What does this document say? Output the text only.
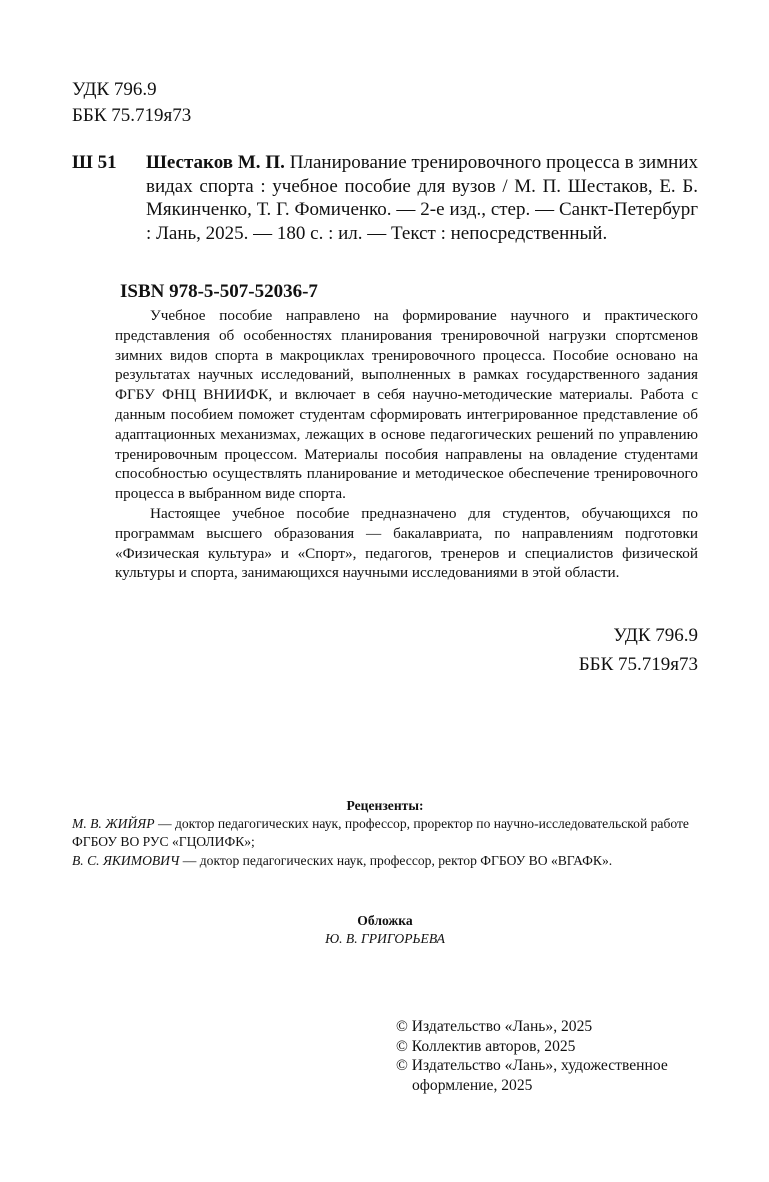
УДК 796.9
ББК 75.719я73
Ш 51	Шестаков М. П. Планирование тренировочного процесса в зимних видах спорта : учебное пособие для вузов / М. П. Шестаков, Е. Б. Мякинченко, Т. Г. Фомиченко. — 2-е изд., стер. — Санкт-Петербург : Лань, 2025. — 180 с. : ил. — Текст : непосредственный.

ISBN 978-5-507-52036-7

Учебное пособие направлено на формирование научного и практического представления об особенностях планирования тренировочной нагрузки спортсменов зимних видов спорта в макроциклах тренировочного процесса. Пособие основано на результатах научных исследований, выполненных в рамках государственного задания ФГБУ ФНЦ ВНИИФК, и включает в себя научно-методические материалы. Работа с данным пособием поможет студентам сформировать интегрированное представление об адаптационных механизмах, лежащих в основе педагогических решений по управлению тренировочным процессом. Материалы пособия направлены на овладение студентами способностью осуществлять планирование и методическое обеспечение тренировочного процесса в выбранном виде спорта.

Настоящее учебное пособие предназначено для студентов, обучающихся по программам высшего образования — бакалавриата, по направлениям подготовки «Физическая культура» и «Спорт», педагогов, тренеров и специалистов физической культуры и спорта, занимающихся научными исследованиями в этой области.

УДК 796.9
ББК 75.719я73
Рецензенты:

М. В. ЖИЙЯР — доктор педагогических наук, профессор, проректор по научно-исследовательской работе ФГБОУ ВО РУС «ГЦОЛИФК»;

В. С. ЯКИМОВИЧ — доктор педагогических наук, профессор, ректор ФГБОУ ВО «ВГАФК».

Обложка
Ю. В. ГРИГОРЬЕВА
© Издательство «Лань», 2025
© Коллектив авторов, 2025
© Издательство «Лань», художественное
оформление, 2025
